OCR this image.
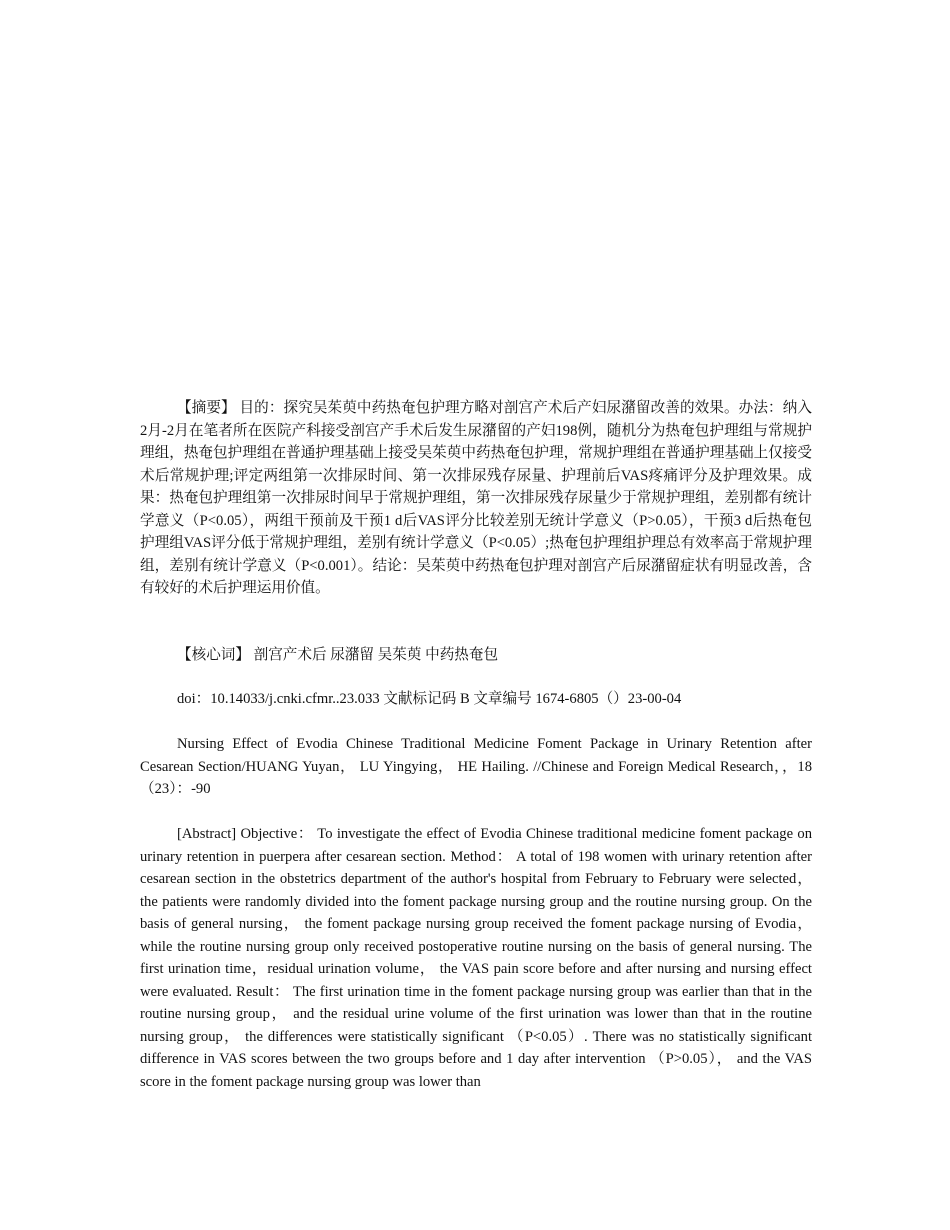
【摘要】 目的：探究吴茱萸中药热奄包护理方略对剖宫产术后产妇尿潴留改善的效果。办法：纳入2月-2月在笔者所在医院产科接受剖宫产手术后发生尿潴留的产妇198例，随机分为热奄包护理组与常规护理组，热奄包护理组在普通护理基础上接受吴茱萸中药热奄包护理，常规护理组在普通护理基础上仅接受术后常规护理;评定两组第一次排尿时间、第一次排尿残存尿量、护理前后VAS疼痛评分及护理效果。成果：热奄包护理组第一次排尿时间早于常规护理组，第一次排尿残存尿量少于常规护理组，差别都有统计学意义（P<0.05），两组干预前及干预1 d后VAS评分比较差别无统计学意义（P>0.05），干预3 d后热奄包护理组VAS评分低于常规护理组，差别有统计学意义（P<0.05）;热奄包护理组护理总有效率高于常规护理组，差别有统计学意义（P<0.001）。结论：吴茱萸中药热奄包护理对剖宫产后尿潴留症状有明显改善，含有较好的术后护理运用价值。

【核心词】 剖宫产术后 尿潴留 吴茱萸 中药热奄包

doi：10.14033/j.cnki.cfmr..23.033 文献标记码 B 文章编号 1674-6805（）23-00-04

Nursing Effect of Evodia Chinese Traditional Medicine Foment Package in Urinary Retention after Cesarean Section/HUANG Yuyan， LU Yingying， HE Hailing. //Chinese and Foreign Medical Research，，18（23）：-90

[Abstract] Objective： To investigate the effect of Evodia Chinese traditional medicine foment package on urinary retention in puerpera after cesarean section. Method： A total of 198 women with urinary retention after cesarean section in the obstetrics department of the author's hospital from February to February were selected， the patients were randomly divided into the foment package nursing group and the routine nursing group. On the basis of general nursing， the foment package nursing group received the foment package nursing of Evodia， while the routine nursing group only received postoperative routine nursing on the basis of general nursing. The first urination time，residual urination volume， the VAS pain score before and after nursing and nursing effect were evaluated. Result： The first urination time in the foment package nursing group was earlier than that in the routine nursing group， and the residual urine volume of the first urination was lower than that in the routine nursing group， the differences were statistically significant （P<0.05）. There was no statistically significant difference in VAS scores between the two groups before and 1 day after intervention （P>0.05）， and the VAS score in the foment package nursing group was lower than
